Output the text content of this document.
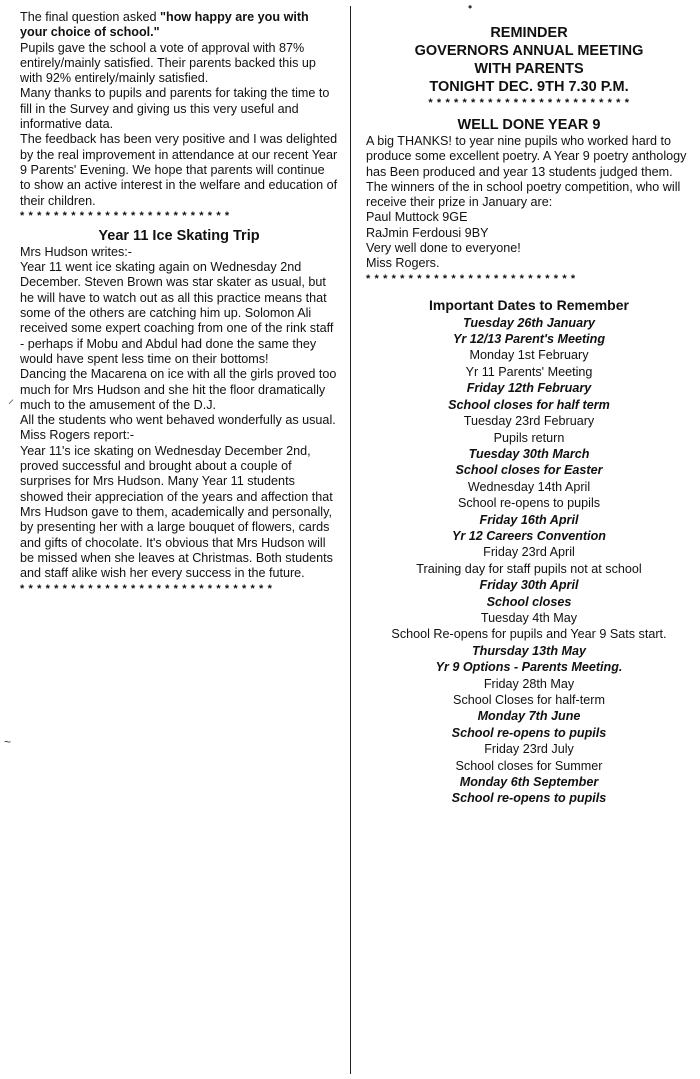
The final question asked "how happy are you with your choice of school."

Pupils gave the school a vote of approval with 87% entirely/mainly satisfied. Their parents backed this up with 92% entirely/mainly satisfied.

Many thanks to pupils and parents for taking the time to fill in the Survey and giving us this very useful and informative data.

The feedback has been very positive and I was delighted by the real improvement in attendance at our recent Year 9 Parents' Evening. We hope that parents will continue to show an active interest in the welfare and education of their children.

* * * * * * * * * * * * * * * * * * * * * * * * *
Year 11 Ice Skating Trip

Mrs Hudson writes:-

Year 11 went ice skating again on Wednesday 2nd December. Steven Brown was star skater as usual, but he will have to watch out as all this practice means that some of the others are catching him up. Solomon Ali received some expert coaching from one of the rink staff - perhaps if Mobu and Abdul had done the same they would have spent less time on their bottoms!

Dancing the Macarena on ice with all the girls proved too much for Mrs Hudson and she hit the floor dramatically much to the amusement of the D.J.

All the students who went behaved wonderfully as usual.

Miss Rogers report:-

Year 11's ice skating on Wednesday December 2nd, proved successful and brought about a couple of surprises for Mrs Hudson. Many Year 11 students showed their appreciation of the years and affection that Mrs Hudson gave to them, academically and personally, by presenting her with a large bouquet of flowers, cards and gifts of chocolate. It's obvious that Mrs Hudson will be missed when she leaves at Christmas. Both students and staff alike wish her every success in the future.

* * * * * * * * * * * * * * * * * * * * * * * * * * * * * *
⸍
~
•
REMINDER
GOVERNORS ANNUAL MEETING
WITH PARENTS
TONIGHT DEC. 9TH 7.30 P.M.
* * * * * * * * * * * * * * * * * * * * * * * *
WELL DONE YEAR 9

A big THANKS! to year nine pupils who worked hard to produce some excellent poetry. A Year 9 poetry anthology has Been produced and year 13 students judged them. The winners of the in school poetry competition, who will receive their prize in January are:

Paul Muttock 9GE

RaJmin Ferdousi 9BY

Very well done to everyone!

Miss Rogers.

* * * * * * * * * * * * * * * * * * * * * * * * *
Important Dates to Remember
Tuesday 26th January
Yr 12/13 Parent's Meeting
Monday 1st February
Yr 11 Parents' Meeting
Friday 12th February
School closes for half term
Tuesday 23rd February
Pupils return
Tuesday 30th March
School closes for Easter
Wednesday 14th April
School re-opens to pupils
Friday 16th April
Yr 12 Careers Convention
Friday 23rd April
Training day for staff pupils not at school
Friday 30th April
School closes
Tuesday 4th May
School Re-opens for pupils and Year 9 Sats start.
Thursday 13th May
Yr 9 Options - Parents Meeting.
Friday 28th May
School Closes for half-term
Monday 7th June
School re-opens to pupils
Friday 23rd July
School closes for Summer
Monday 6th September
School re-opens to pupils
